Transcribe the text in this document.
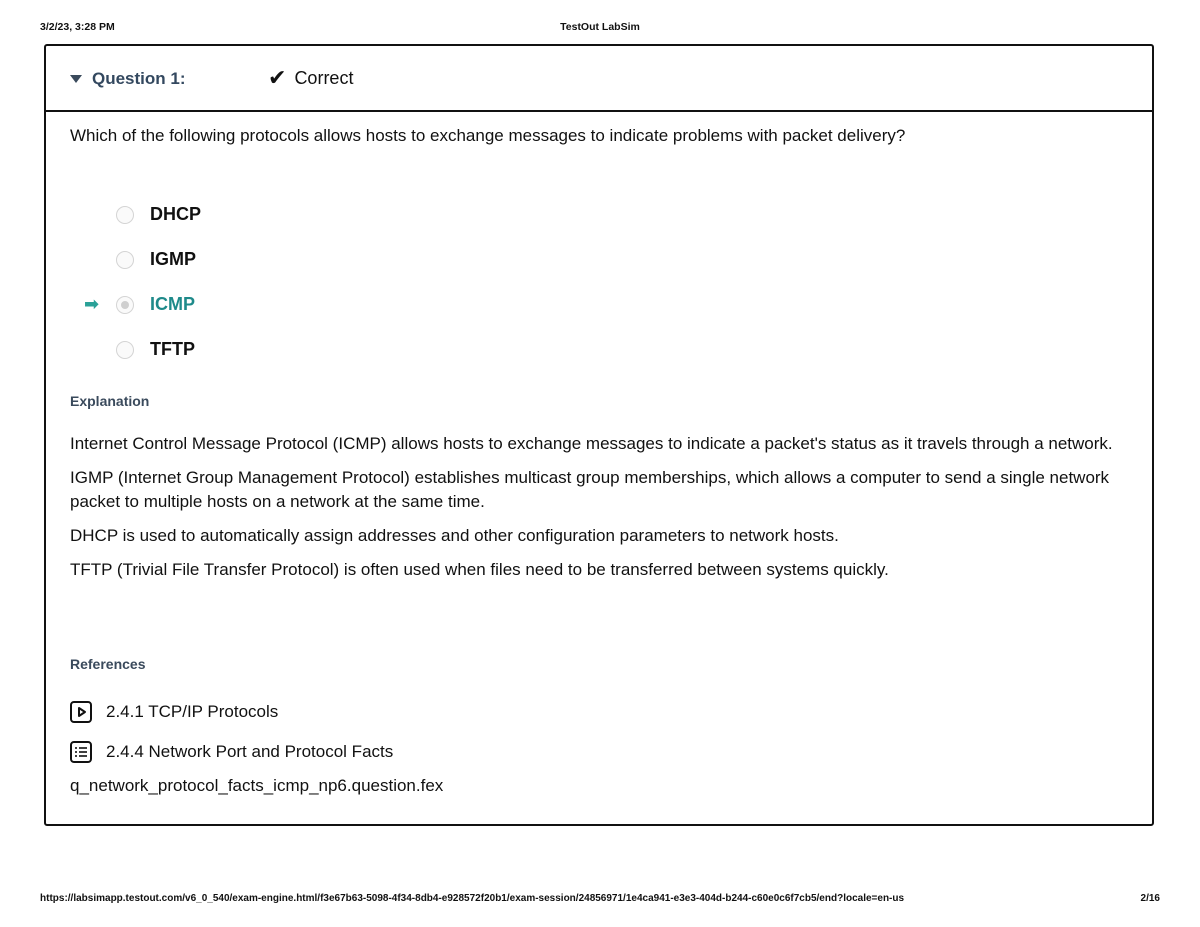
3/2/23, 3:28 PM	TestOut LabSim
Question 1:	✔ Correct
Which of the following protocols allows hosts to exchange messages to indicate problems with packet delivery?
DHCP
IGMP
➡	ICMP
TFTP
Explanation

Internet Control Message Protocol (ICMP) allows hosts to exchange messages to indicate a packet's status as it travels through a network.

IGMP (Internet Group Management Protocol) establishes multicast group memberships, which allows a computer to send a single network packet to multiple hosts on a network at the same time.

DHCP is used to automatically assign addresses and other configuration parameters to network hosts.

TFTP (Trivial File Transfer Protocol) is often used when files need to be transferred between systems quickly.

References
2.4.1 TCP/IP Protocols
2.4.4 Network Port and Protocol Facts
q_network_protocol_facts_icmp_np6.question.fex
https://labsimapp.testout.com/v6_0_540/exam-engine.html/f3e67b63-5098-4f34-8db4-e928572f20b1/exam-session/24856971/1e4ca941-e3e3-404d-b244-c60e0c6f7cb5/end?locale=en-us	2/16
